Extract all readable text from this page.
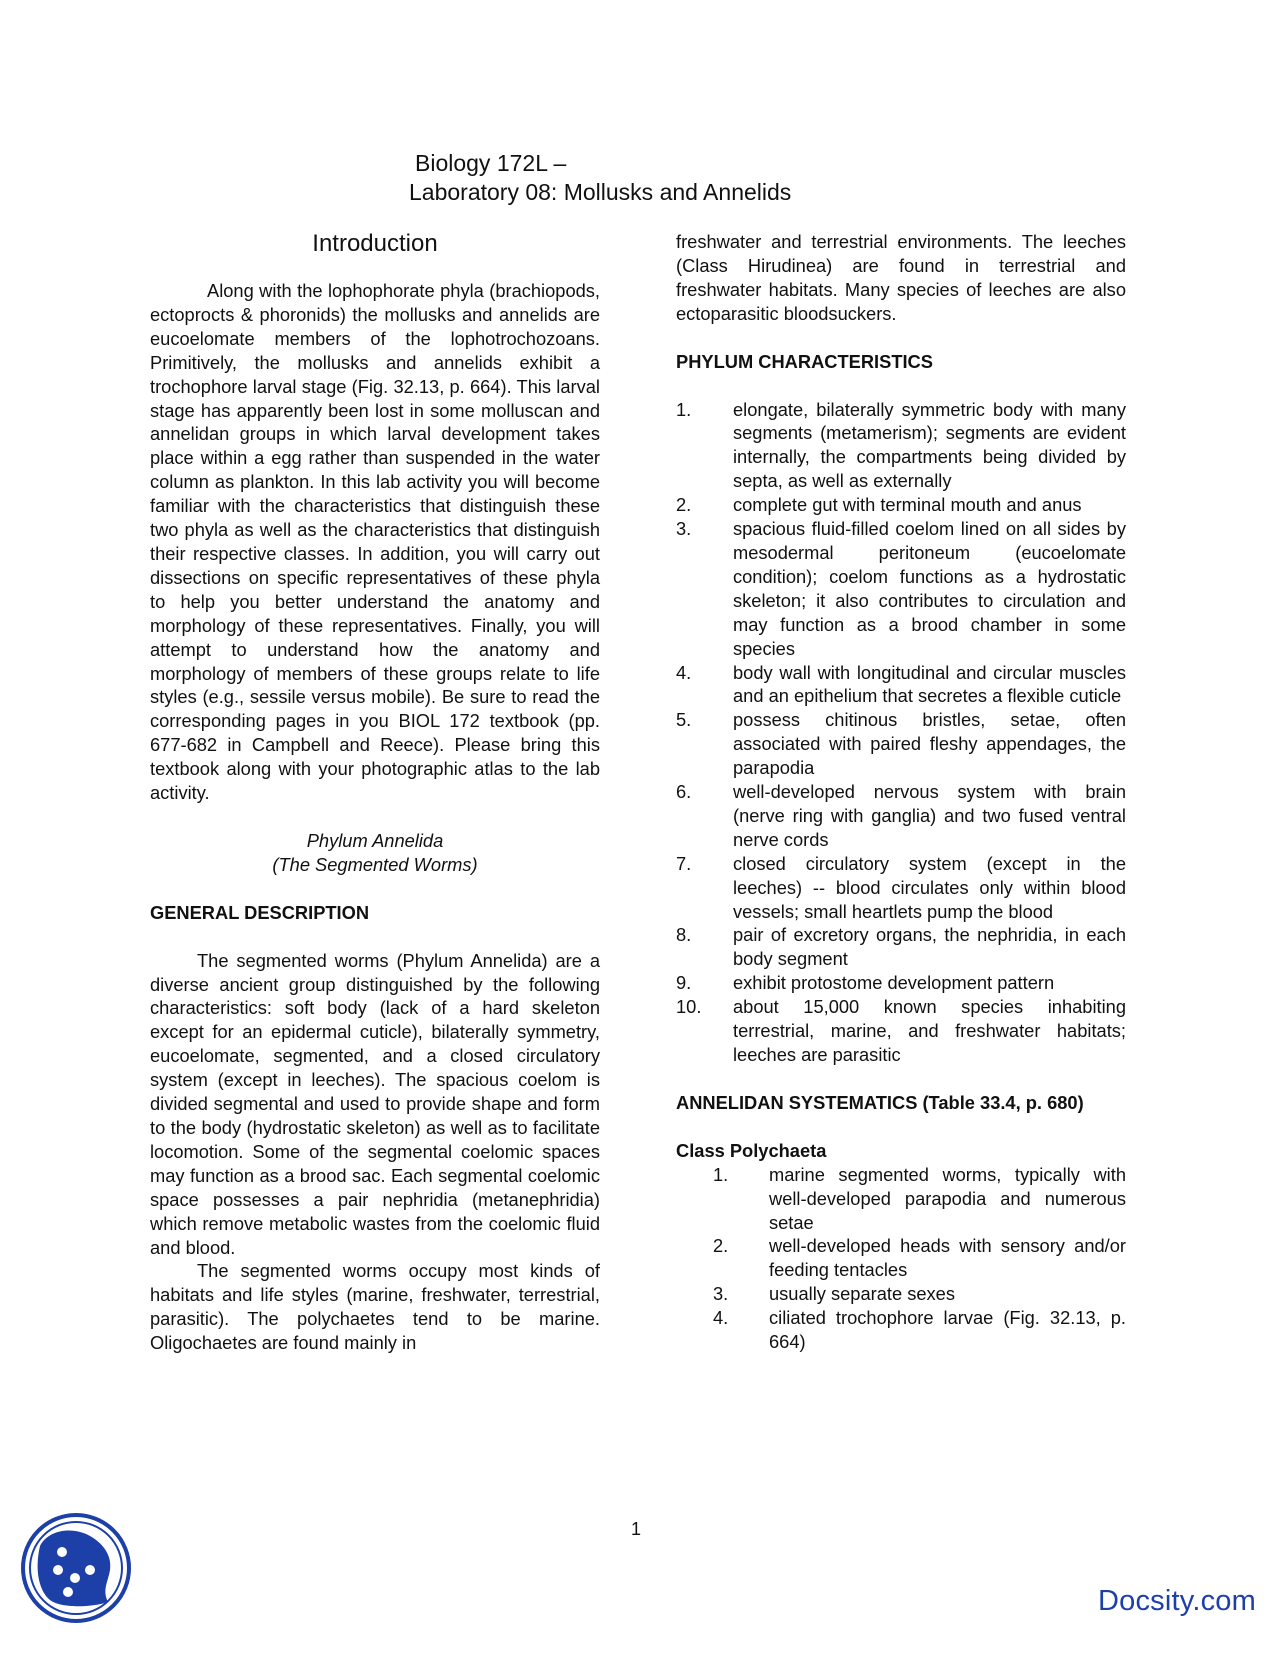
Biology 172L –
Laboratory 08: Mollusks and Annelids
Introduction

Along with the lophophorate phyla (brachiopods, ectoprocts & phoronids) the mollusks and annelids are eucoelomate members of the lophotrochozoans. Primitively, the mollusks and annelids exhibit a trochophore larval stage (Fig. 32.13, p. 664). This larval stage has apparently been lost in some molluscan and annelidan groups in which larval development takes place within a egg rather than suspended in the water column as plankton. In this lab activity you will become familiar with the characteristics that distinguish these two phyla as well as the characteristics that distinguish their respective classes. In addition, you will carry out dissections on specific representatives of these phyla to help you better understand the anatomy and morphology of these representatives. Finally, you will attempt to understand how the anatomy and morphology of members of these groups relate to life styles (e.g., sessile versus mobile). Be sure to read the corresponding pages in you BIOL 172 textbook (pp. 677-682 in Campbell and Reece). Please bring this textbook along with your photographic atlas to the lab activity.

Phylum Annelida
(The Segmented Worms)
GENERAL DESCRIPTION

The segmented worms (Phylum Annelida) are a diverse ancient group distinguished by the following characteristics: soft body (lack of a hard skeleton except for an epidermal cuticle), bilaterally symmetry, eucoelomate, segmented, and a closed circulatory system (except in leeches). The spacious coelom is divided segmental and used to provide shape and form to the body (hydrostatic skeleton) as well as to facilitate locomotion. Some of the segmental coelomic spaces may function as a brood sac. Each segmental coelomic space possesses a pair nephridia (metanephridia) which remove metabolic wastes from the coelomic fluid and blood.

The segmented worms occupy most kinds of habitats and life styles (marine, freshwater, terrestrial, parasitic). The polychaetes tend to be marine. Oligochaetes are found mainly in

freshwater and terrestrial environments. The leeches (Class Hirudinea) are found in terrestrial and freshwater habitats. Many species of leeches are also ectoparasitic bloodsuckers.

PHYLUM CHARACTERISTICS
1.	elongate, bilaterally symmetric body with many segments (metamerism); segments are evident internally, the compartments being divided by septa, as well as externally
2.	complete gut with terminal mouth and anus
3.	spacious fluid-filled coelom lined on all sides by mesodermal peritoneum (eucoelomate condition); coelom functions as a hydrostatic skeleton; it also contributes to circulation and may function as a brood chamber in some species
4.	body wall with longitudinal and circular muscles and an epithelium that secretes a flexible cuticle
5.	possess chitinous bristles, setae, often associated with paired fleshy appendages, the parapodia
6.	well-developed nervous system with brain (nerve ring with ganglia) and two fused ventral nerve cords
7.	closed circulatory system (except in the leeches) -- blood circulates only within blood vessels; small heartlets pump the blood
8.	pair of excretory organs, the nephridia, in each body segment
9.	exhibit protostome development pattern
10.	about 15,000 known species inhabiting terrestrial, marine, and freshwater habitats; leeches are parasitic
ANNELIDAN SYSTEMATICS (Table 33.4, p. 680)
Class Polychaeta
1.	marine segmented worms, typically with well-developed parapodia and numerous setae
2.	well-developed heads with sensory and/or feeding tentacles
3.	usually separate sexes
4.	ciliated trochophore larvae (Fig. 32.13, p. 664)
1
Docsity.com
